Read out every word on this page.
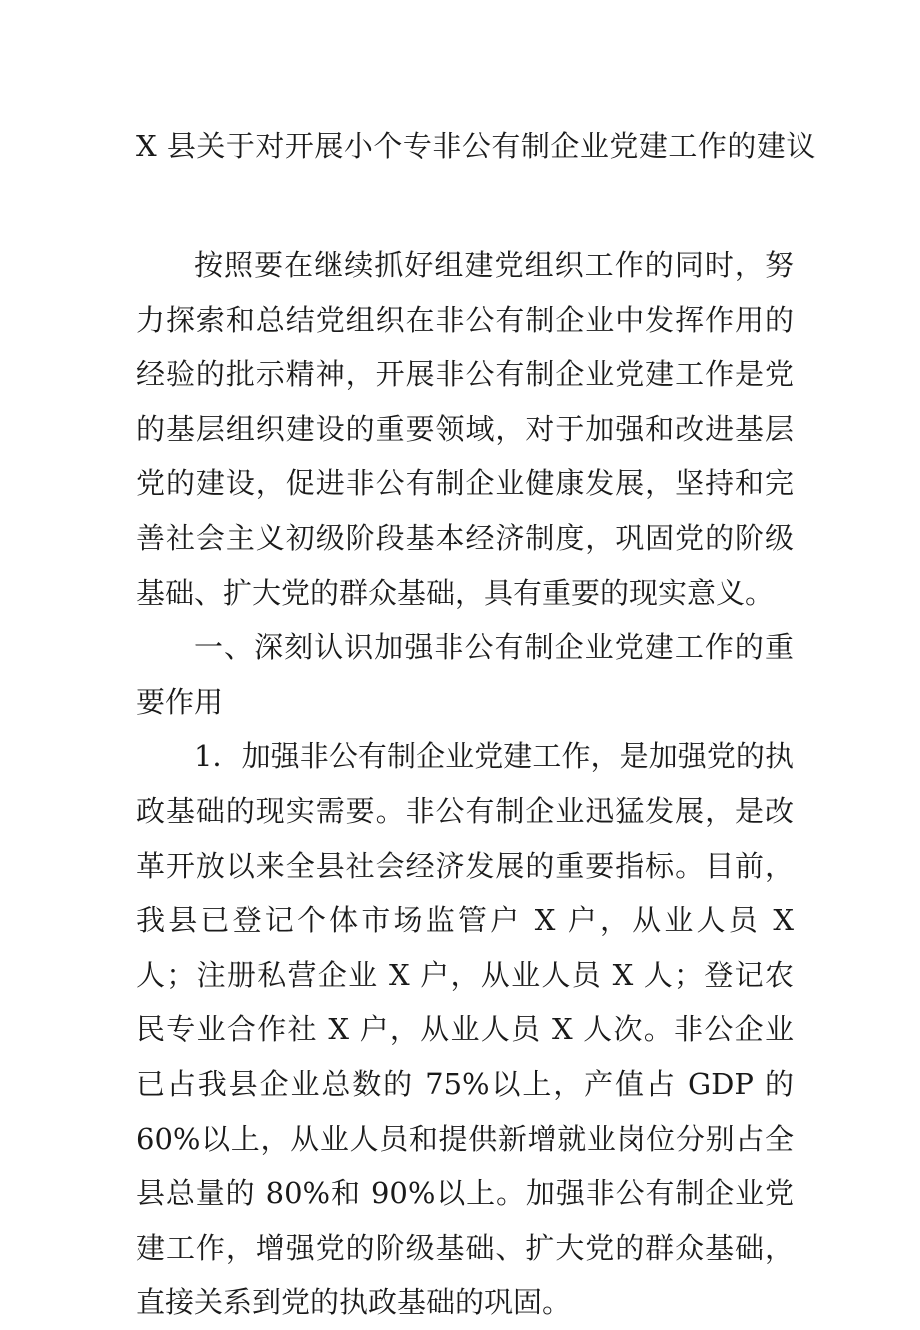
X 县关于对开展小个专非公有制企业党建工作的建议

按照要在继续抓好组建党组织工作的同时，努力探索和总结党组织在非公有制企业中发挥作用的经验的批示精神，开展非公有制企业党建工作是党的基层组织建设的重要领域，对于加强和改进基层党的建设，促进非公有制企业健康发展，坚持和完善社会主义初级阶段基本经济制度，巩固党的阶级基础、扩大党的群众基础，具有重要的现实意义。

一、深刻认识加强非公有制企业党建工作的重要作用

1．加强非公有制企业党建工作，是加强党的执政基础的现实需要。非公有制企业迅猛发展，是改革开放以来全县社会经济发展的重要指标。目前，我县已登记个体市场监管户 X 户，从业人员 X 人；注册私营企业 X 户，从业人员 X 人；登记农民专业合作社 X 户，从业人员 X 人次。非公企业已占我县企业总数的 75%以上，产值占 GDP 的 60%以上，从业人员和提供新增就业岗位分别占全县总量的 80%和 90%以上。加强非公有制企业党建工作，增强党的阶级基础、扩大党的群众基础，直接关系到党的执政基础的巩固。
